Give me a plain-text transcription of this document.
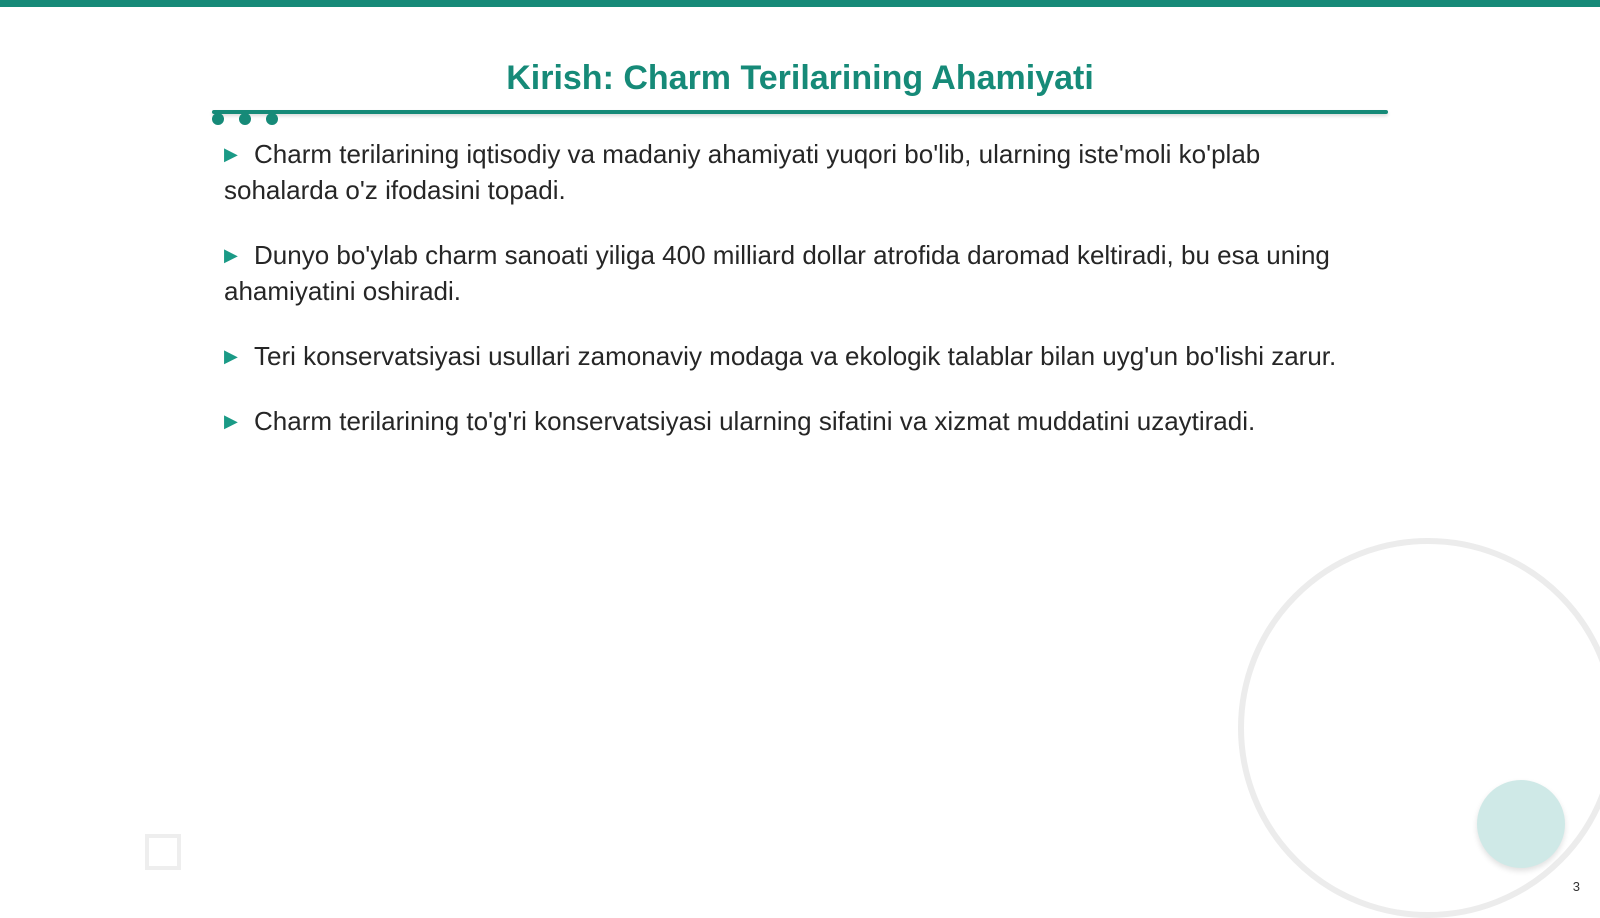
Kirish: Charm Terilarining Ahamiyati
▶ Charm terilarining iqtisodiy va madaniy ahamiyati yuqori bo'lib, ularning iste'moli ko'plab sohalarda o'z ifodasini topadi.
▶ Dunyo bo'ylab charm sanoati yiliga 400 milliard dollar atrofida daromad keltiradi, bu esa uning ahamiyatini oshiradi.
▶ Teri konservatsiyasi usullari zamonaviy modaga va ekologik talablar bilan uyg'un bo'lishi zarur.
▶ Charm terilarining to'g'ri konservatsiyasi ularning sifatini va xizmat muddatini uzaytiradi.
3
